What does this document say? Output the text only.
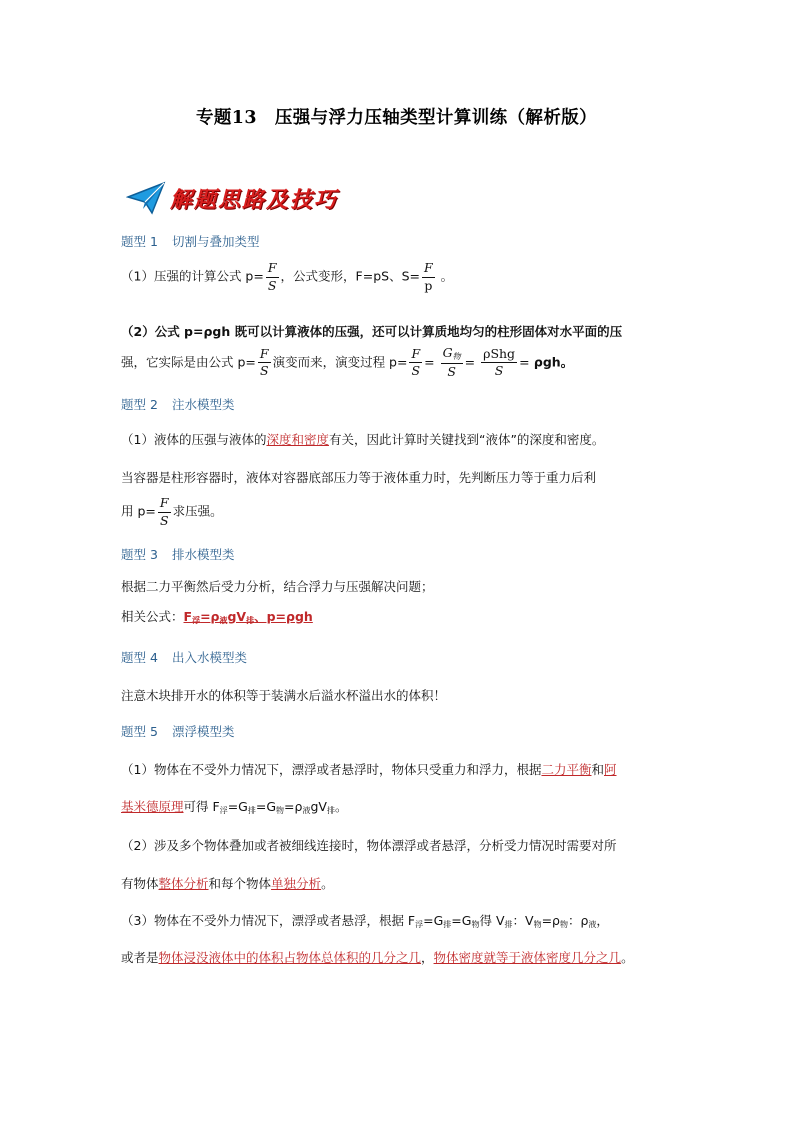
专题13　压强与浮力压轴类型计算训练（解析版）
解题思路及技巧
题型 1 切割与叠加类型
（1）压强的计算公式 $p= \frac{F}{S}$ ，公式变形，F=pS、$S= \frac{F}{p}$ 。
（2）公式 p=ρgh 既可以计算液体的压强，还可以计算质地均匀的柱形固体对水平面的压
强，它实际是由公式 $p= \frac{F}{S}$ 演变而来，演变过程 $p= \frac{F}{S} = \frac{G_物}{S} = \frac{\text{ρShg}}{S} = \rho gh$。
题型 2 注水模型类
（1）液体的压强与液体的深度和密度有关，因此计算时关键找到“液体”的深度和密度。
当容器是柱形容器时，液体对容器底部压力等于液体重力时，先判断压力等于重力后利
用 $p= \frac{F}{S}$ 求压强。
题型 3 排水模型类
根据二力平衡然后受力分析，结合浮力与压强解决问题；
相关公式：$F_浮=\rho_液gV_排$、p=ρgh
题型 4 出入水模型类
注意木块排开水的体积等于装满水后溢水杯溢出水的体积！
题型 5 漂浮模型类
（1）物体在不受外力情况下，漂浮或者悬浮时，物体只受重力和浮力，根据二力平衡和阿
基米德原理可得 $F_浮=G_排=G_物=\rho_液gV_排$。
（2）涉及多个物体叠加或者被细线连接时，物体漂浮或者悬浮，分析受力情况时需要对所
有物体整体分析和每个物体单独分析。
（3）物体在不受外力情况下，漂浮或者悬浮，根据 $F_浮=G_排=G_物$得 $V_排$：$V_物=\rho_物$：$\rho_液$，
或者是物体浸没液体中的体积占物体总体积的几分之几，物体密度就等于液体密度几分之几。
